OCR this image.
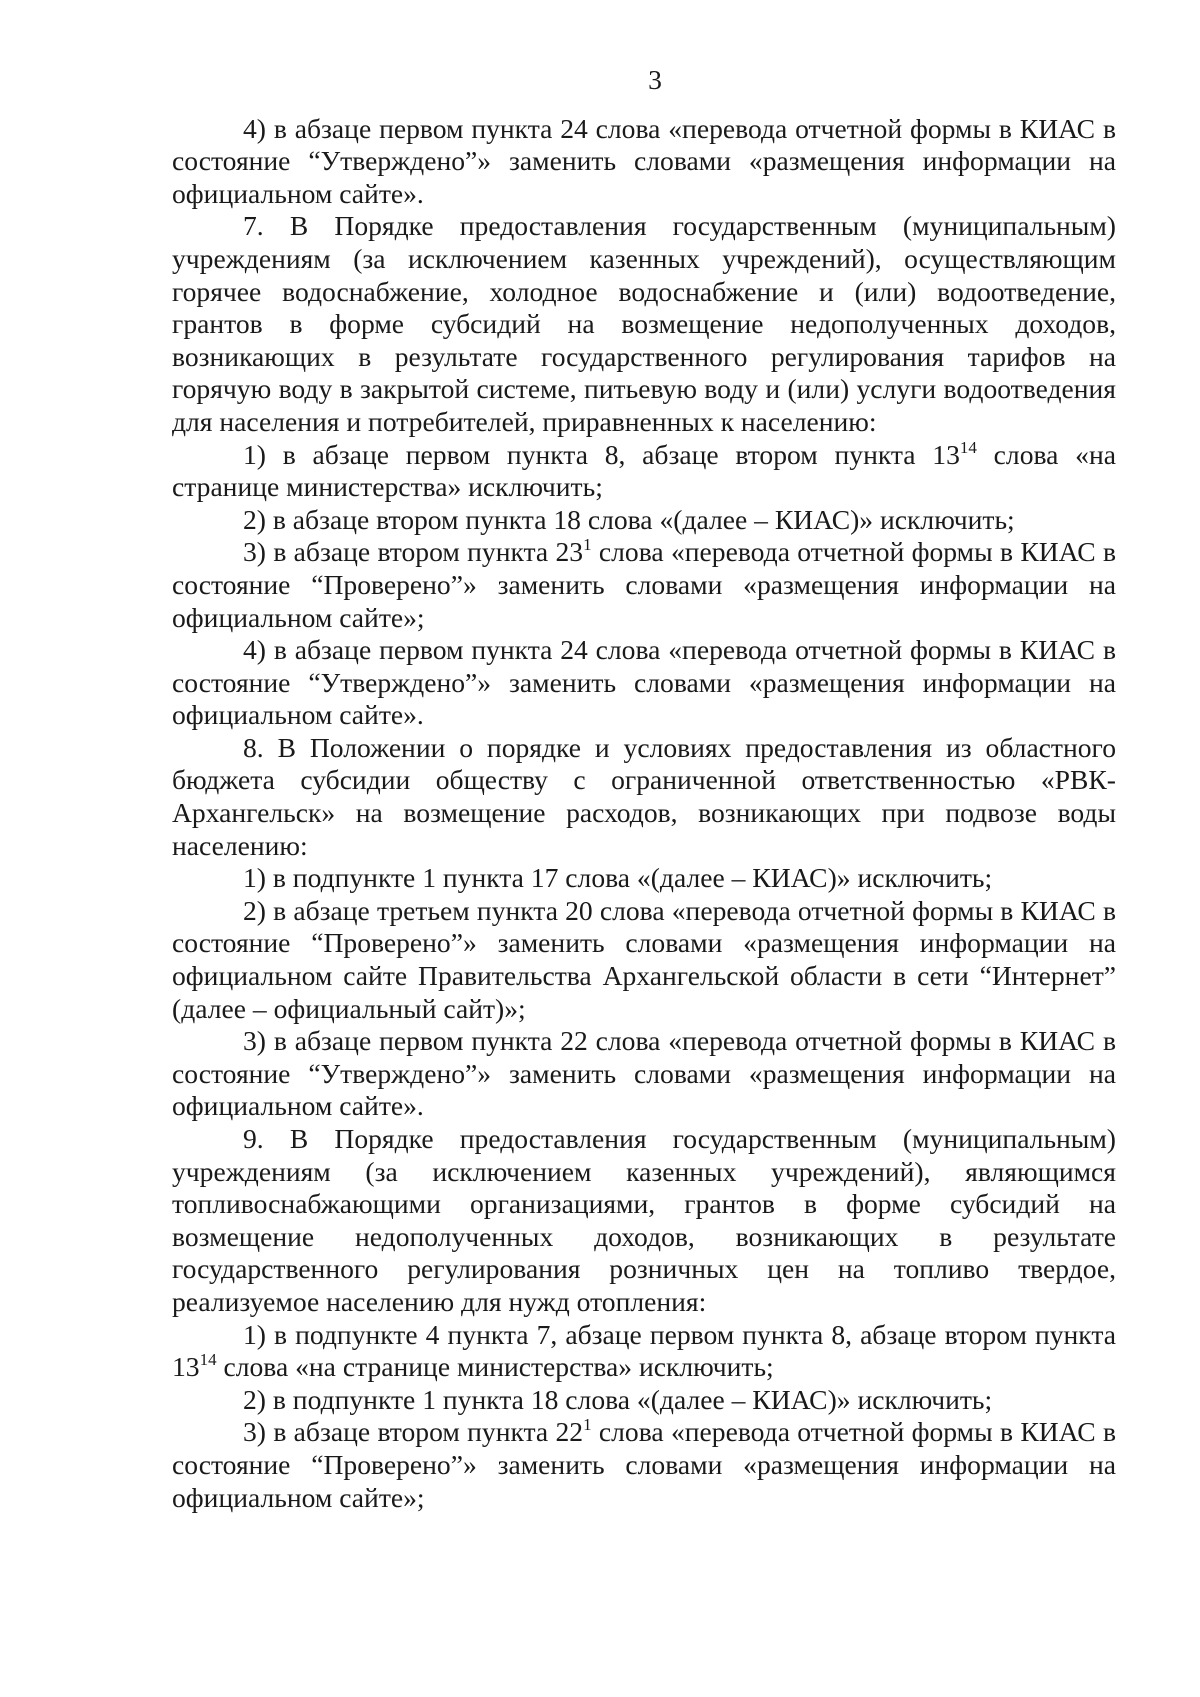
3

4) в абзаце первом пункта 24 слова «перевода отчетной формы в КИАС в состояние “Утверждено”» заменить словами «размещения информации на официальном сайте».

7. В Порядке предоставления государственным (муниципальным) учреждениям (за исключением казенных учреждений), осуществляющим горячее водоснабжение, холодное водоснабжение и (или) водоотведение, грантов в форме субсидий на возмещение недополученных доходов, возникающих в результате государственного регулирования тарифов на горячую воду в закрытой системе, питьевую воду и (или) услуги водоотведения для населения и потребителей, приравненных к населению:

1) в абзаце первом пункта 8, абзаце втором пункта $13^{14}$ слова «на странице министерства» исключить;

2) в абзаце втором пункта 18 слова «(далее – КИАС)» исключить;

3) в абзаце втором пункта $23^1$ слова «перевода отчетной формы в КИАС в состояние “Проверено”» заменить словами «размещения информации на официальном сайте»;

4) в абзаце первом пункта 24 слова «перевода отчетной формы в КИАС в состояние “Утверждено”» заменить словами «размещения информации на официальном сайте».

8. В Положении о порядке и условиях предоставления из областного бюджета субсидии обществу с ограниченной ответственностью «РВК-Архангельск» на возмещение расходов, возникающих при подвозе воды населению:

1) в подпункте 1 пункта 17 слова «(далее – КИАС)» исключить;

2) в абзаце третьем пункта 20 слова «перевода отчетной формы в КИАС в состояние “Проверено”» заменить словами «размещения информации на официальном сайте Правительства Архангельской области в сети “Интернет” (далее – официальный сайт)»;

3) в абзаце первом пункта 22 слова «перевода отчетной формы в КИАС в состояние “Утверждено”» заменить словами «размещения информации на официальном сайте».

9. В Порядке предоставления государственным (муниципальным) учреждениям (за исключением казенных учреждений), являющимся топливоснабжающими организациями, грантов в форме субсидий на возмещение недополученных доходов, возникающих в результате государственного регулирования розничных цен на топливо твердое, реализуемое населению для нужд отопления:

1) в подпункте 4 пункта 7, абзаце первом пункта 8, абзаце втором пункта $13^{14}$ слова «на странице министерства» исключить;

2) в подпункте 1 пункта 18 слова «(далее – КИАС)» исключить;

3) в абзаце втором пункта $22^1$ слова «перевода отчетной формы в КИАС в состояние “Проверено”» заменить словами «размещения информации на официальном сайте»;
